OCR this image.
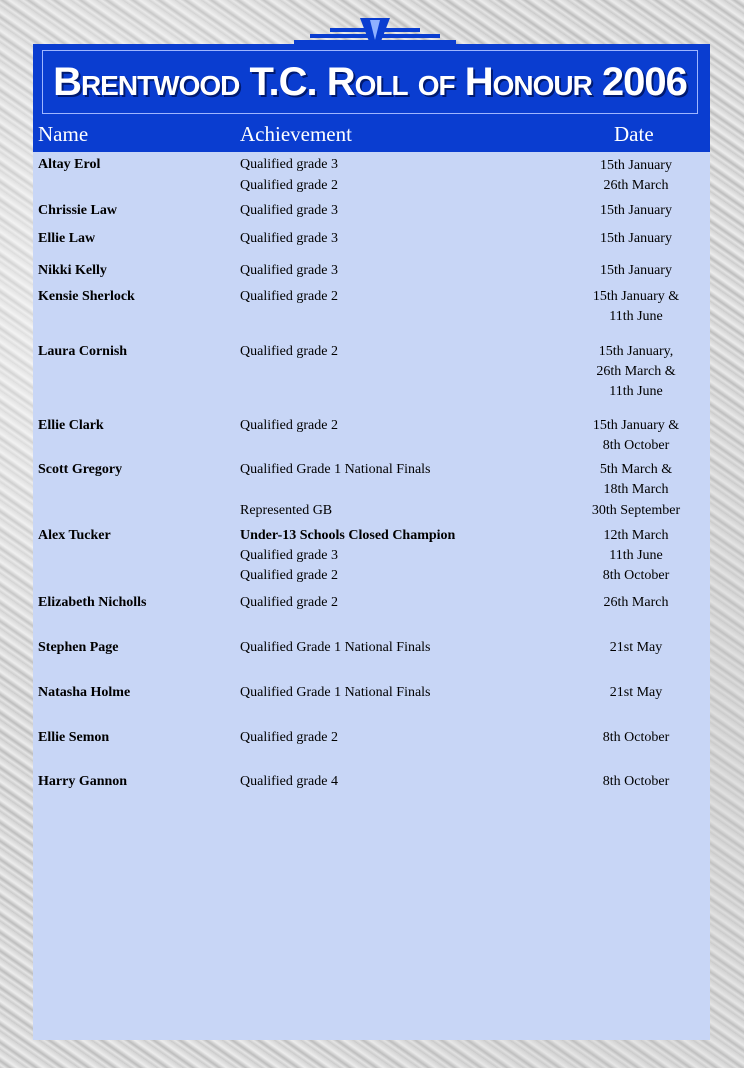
Brentwood T.C. Roll of Honour 2006
Name	Achievement	Date
Altay Erol	Qualified grade 3	15th January
Qualified grade 2	26th March
Chrissie Law	Qualified grade 3	15th January
Ellie Law	Qualified grade 3	15th January
Nikki Kelly	Qualified grade 3	15th January
Kensie Sherlock	Qualified grade 2	15th January &
11th June
Laura Cornish	Qualified grade 2	15th January,
26th March &
11th June
Ellie Clark	Qualified grade 2	15th January &
8th October
Scott Gregory	Qualified Grade 1 National Finals	5th March &
18th March
Represented GB	30th September
Alex Tucker	Under-13 Schools Closed Champion	12th March
Qualified grade 3	11th June
Qualified grade 2	8th October
Elizabeth Nicholls	Qualified grade 2	26th March
Stephen Page	Qualified Grade 1 National Finals	21st May
Natasha Holme	Qualified Grade 1 National Finals	21st May
Ellie Semon	Qualified grade 2	8th October
Harry Gannon	Qualified grade 4	8th October
